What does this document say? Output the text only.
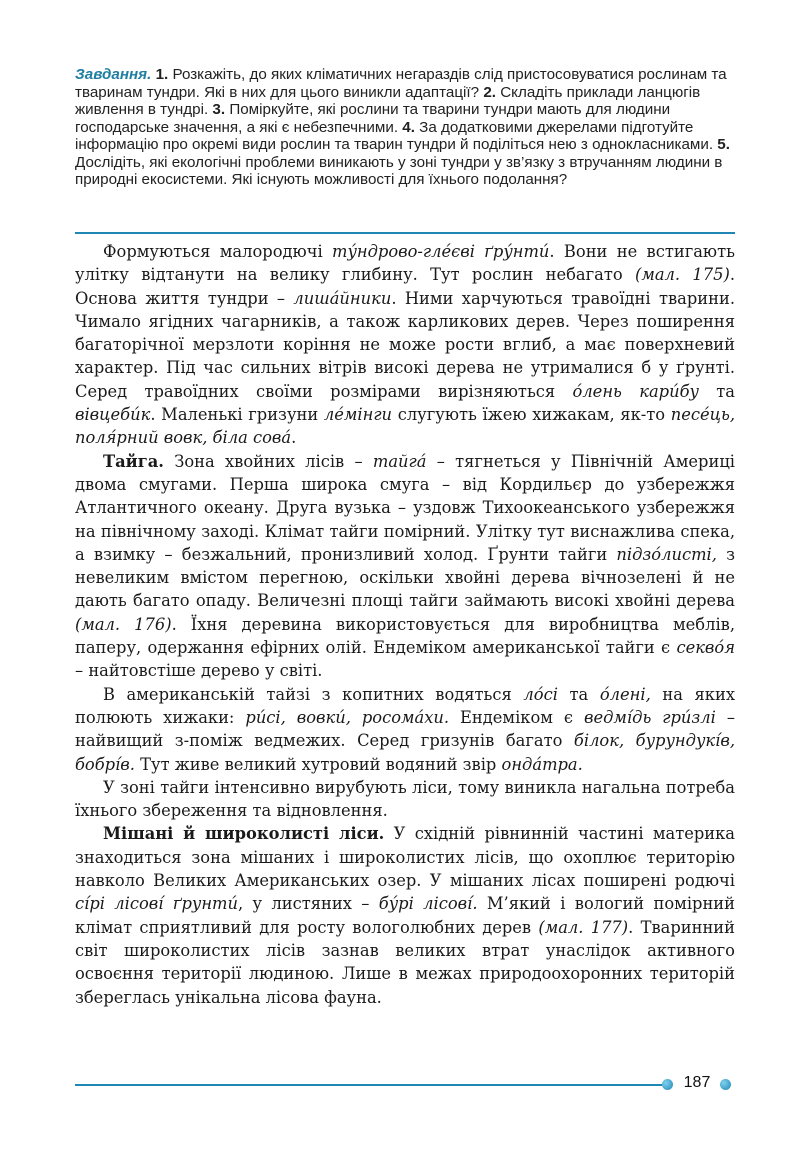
Завдання. 1. Розкажіть, до яких кліматичних негараздів слід пристосовуватися рослинам та тваринам тундри. Які в них для цього виникли адаптації? 2. Складіть приклади ланцюгів живлення в тундрі. 3. Поміркуйте, які рослини та тварини тундри мають для людини господарське значення, а які є небезпечними. 4. За додатковими джерелами підготуйте інформацію про окремі види рослин та тварин тундри й поділіться нею з однокласниками. 5. Дослідіть, які екологічні проблеми виникають у зоні тундри у зв’язку з втручанням людини в природні екосистеми. Які існують можливості для їхнього подолання?

Формуються малородючі ту́ндрово-гле́єві ґру́нти́. Вони не встигають улітку відтанути на велику глибину. Тут рослин небагато (мал. 175). Основа життя тундри – лиша́йники. Ними харчуються травоїдні тварини. Чимало ягідних чагарників, а також карликових дерев. Через поширення багаторічної мерзлоти коріння не може рости вглиб, а має поверхневий характер. Під час сильних вітрів високі дерева не утрималися б у ґрунті. Серед травоїдних своїми розмірами вирізняються о́лень кари́бу та вівцеби́к. Маленькі гризуни ле́мінги слугують їжею хижакам, як-то песе́ць, поля́рний вовк, біла сова́.

Тайга. Зона хвойних лісів – тайга́ – тягнеться у Північній Америці двома смугами. Перша широка смуга – від Кордильєр до узбережжя Атлантичного океану. Друга вузька – уздовж Тихоокеанського узбережжя на північному заході. Клімат тайги помірний. Улітку тут виснажлива спека, а взимку – безжальний, пронизливий холод. Ґрунти тайги підзо́листі, з невеликим вмістом перегною, оскільки хвойні дерева вічнозелені й не дають багато опаду. Величезні площі тайги займають високі хвойні дерева (мал. 176). Їхня деревина використовується для виробництва меблів, паперу, одержання ефірних олій. Ендеміком американської тайги є секво́я – найтовстіше дерево у світі.

В американській тайзі з копитних водяться ло́сі та о́лені, на яких полюють хижаки: ри́сі, вовки́, росома́хи. Ендеміком є ведмі́дь гри́злі – найвищий з-поміж ведмежих. Серед гризунів багато білок, бурундукі́в, бобрі́в. Тут живе великий хутровий водяний звір онда́тра.

У зоні тайги інтенсивно вирубують ліси, тому виникла нагальна потреба їхнього збереження та відновлення.

Мішані й широколисті ліси. У східній рівнинній частині материка знаходиться зона мішаних і широколистих лісів, що охоплює територію навколо Великих Американських озер. У мішаних лісах поширені родючі сі́рі лісові́ ґрунти́, у листяних – бу́рі лісові́. М’який і вологий помірний клімат сприятливий для росту вологолюбних дерев (мал. 177). Тваринний світ широколистих лісів зазнав великих втрат унаслідок активного освоєння території людиною. Лише в межах природоохоронних територій збереглась унікальна лісова фауна.

187
